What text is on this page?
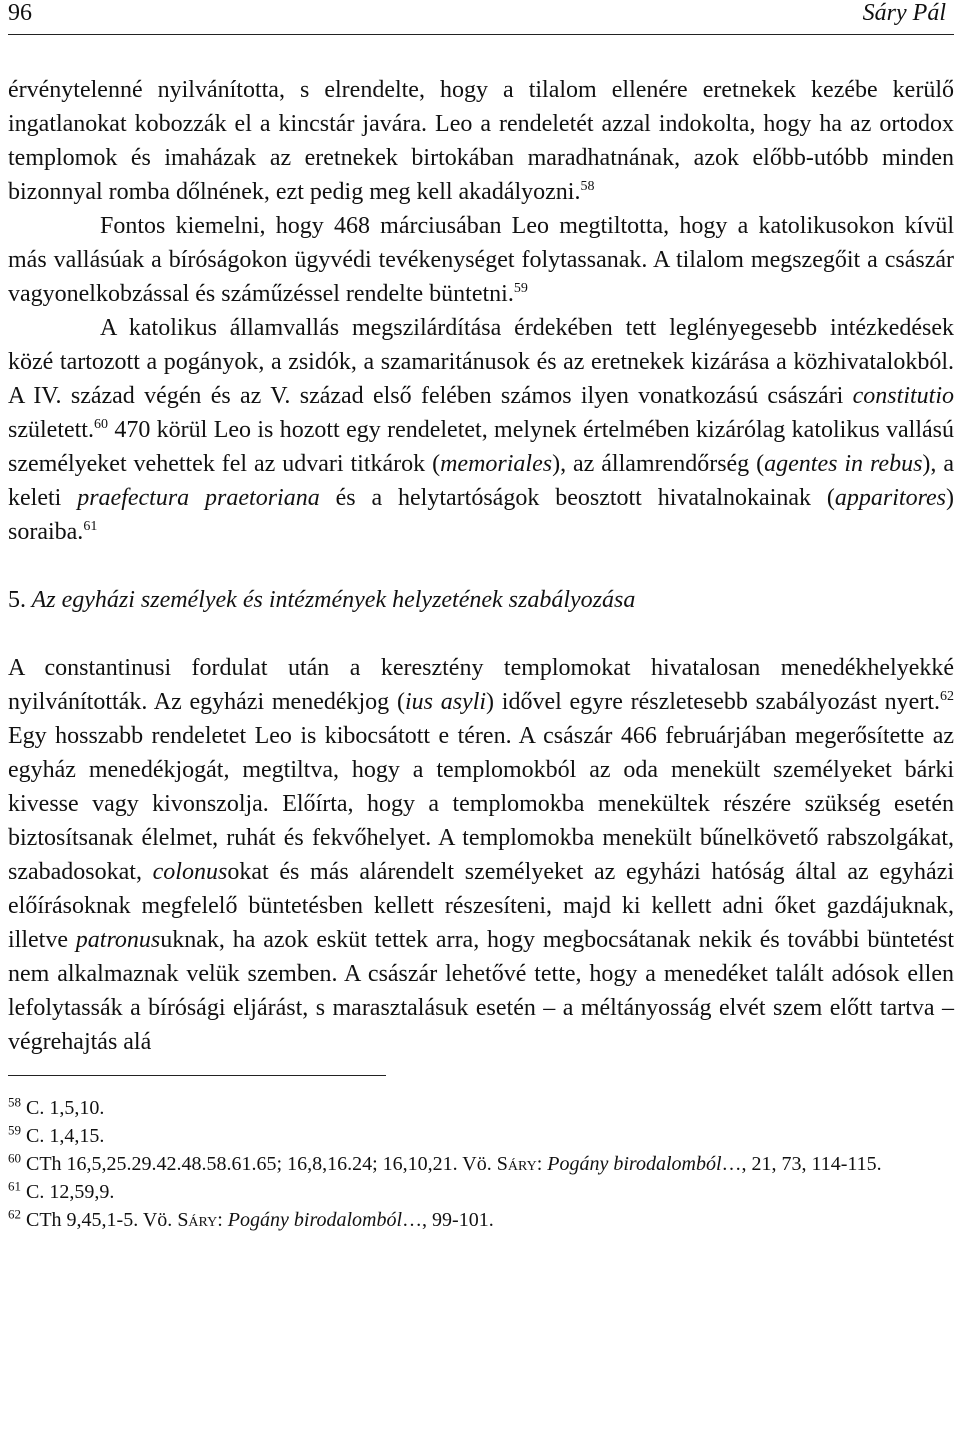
96	Sáry Pál

érvénytelenné nyilvánította, s elrendelte, hogy a tilalom ellenére eretnekek kezébe kerülő ingatlanokat kobozzák el a kincstár javára. Leo a rendeletét azzal indokolta, hogy ha az ortodox templomok és imaházak az eretnekek birtokában maradhatnának, azok előbb-utóbb minden bizonnyal romba dőlnének, ezt pedig meg kell akadályozni.$^{58}$

Fontos kiemelni, hogy 468 márciusában Leo megtiltotta, hogy a katolikusokon kívül más vallásúak a bíróságokon ügyvédi tevékenységet folytassanak. A tilalom megszegőit a császár vagyonelkobzással és száműzéssel rendelte büntetni.$^{59}$

A katolikus államvallás megszilárdítása érdekében tett leglényegesebb intézkedések közé tartozott a pogányok, a zsidók, a szamaritánusok és az eretnekek kizárása a közhivatalokból. A IV. század végén és az V. század első felében számos ilyen vonatkozású császári constitutio született.$^{60}$ 470 körül Leo is hozott egy rendeletet, melynek értelmében kizárólag katolikus vallású személyeket vehettek fel az udvari titkárok (memoriales), az államrendőrség (agentes in rebus), a keleti praefectura praetoriana és a helytartóságok beosztott hivatalnokainak (apparitores) soraiba.$^{61}$

5. Az egyházi személyek és intézmények helyzetének szabályozása

A constantinusi fordulat után a keresztény templomokat hivatalosan menedékhelyekké nyilvánították. Az egyházi menedékjog (ius asyli) idővel egyre részletesebb szabályozást nyert.$^{62}$ Egy hosszabb rendeletet Leo is kibocsátott e téren. A császár 466 februárjában megerősítette az egyház menedékjogát, megtiltva, hogy a templomokból az oda menekült személyeket bárki kivesse vagy kivonszolja. Előírta, hogy a templomokba menekültek részére szükség esetén biztosítsanak élelmet, ruhát és fekvőhelyet. A templomokba menekült bűnelkövető rabszolgákat, szabadosokat, colonusokat és más alárendelt személyeket az egyházi hatóság által az egyházi előírásoknak megfelelő büntetésben kellett részesíteni, majd ki kellett adni őket gazdájuknak, illetve patronusuknak, ha azok esküt tettek arra, hogy megbocsátanak nekik és további büntetést nem alkalmaznak velük szemben. A császár lehetővé tette, hogy a menedéket talált adósok ellen lefolytassák a bírósági eljárást, s marasztalásuk esetén – a méltányosság elvét szem előtt tartva – végrehajtás alá

$^{58}$ C. 1,5,10.

$^{59}$ C. 1,4,15.

$^{60}$ CTh 16,5,25.29.42.48.58.61.65; 16,8,16.24; 16,10,21. Vö. Sáry: Pogány birodalomból…, 21, 73, 114-115.

$^{61}$ C. 12,59,9.

$^{62}$ CTh 9,45,1-5. Vö. Sáry: Pogány birodalomból…, 99-101.
